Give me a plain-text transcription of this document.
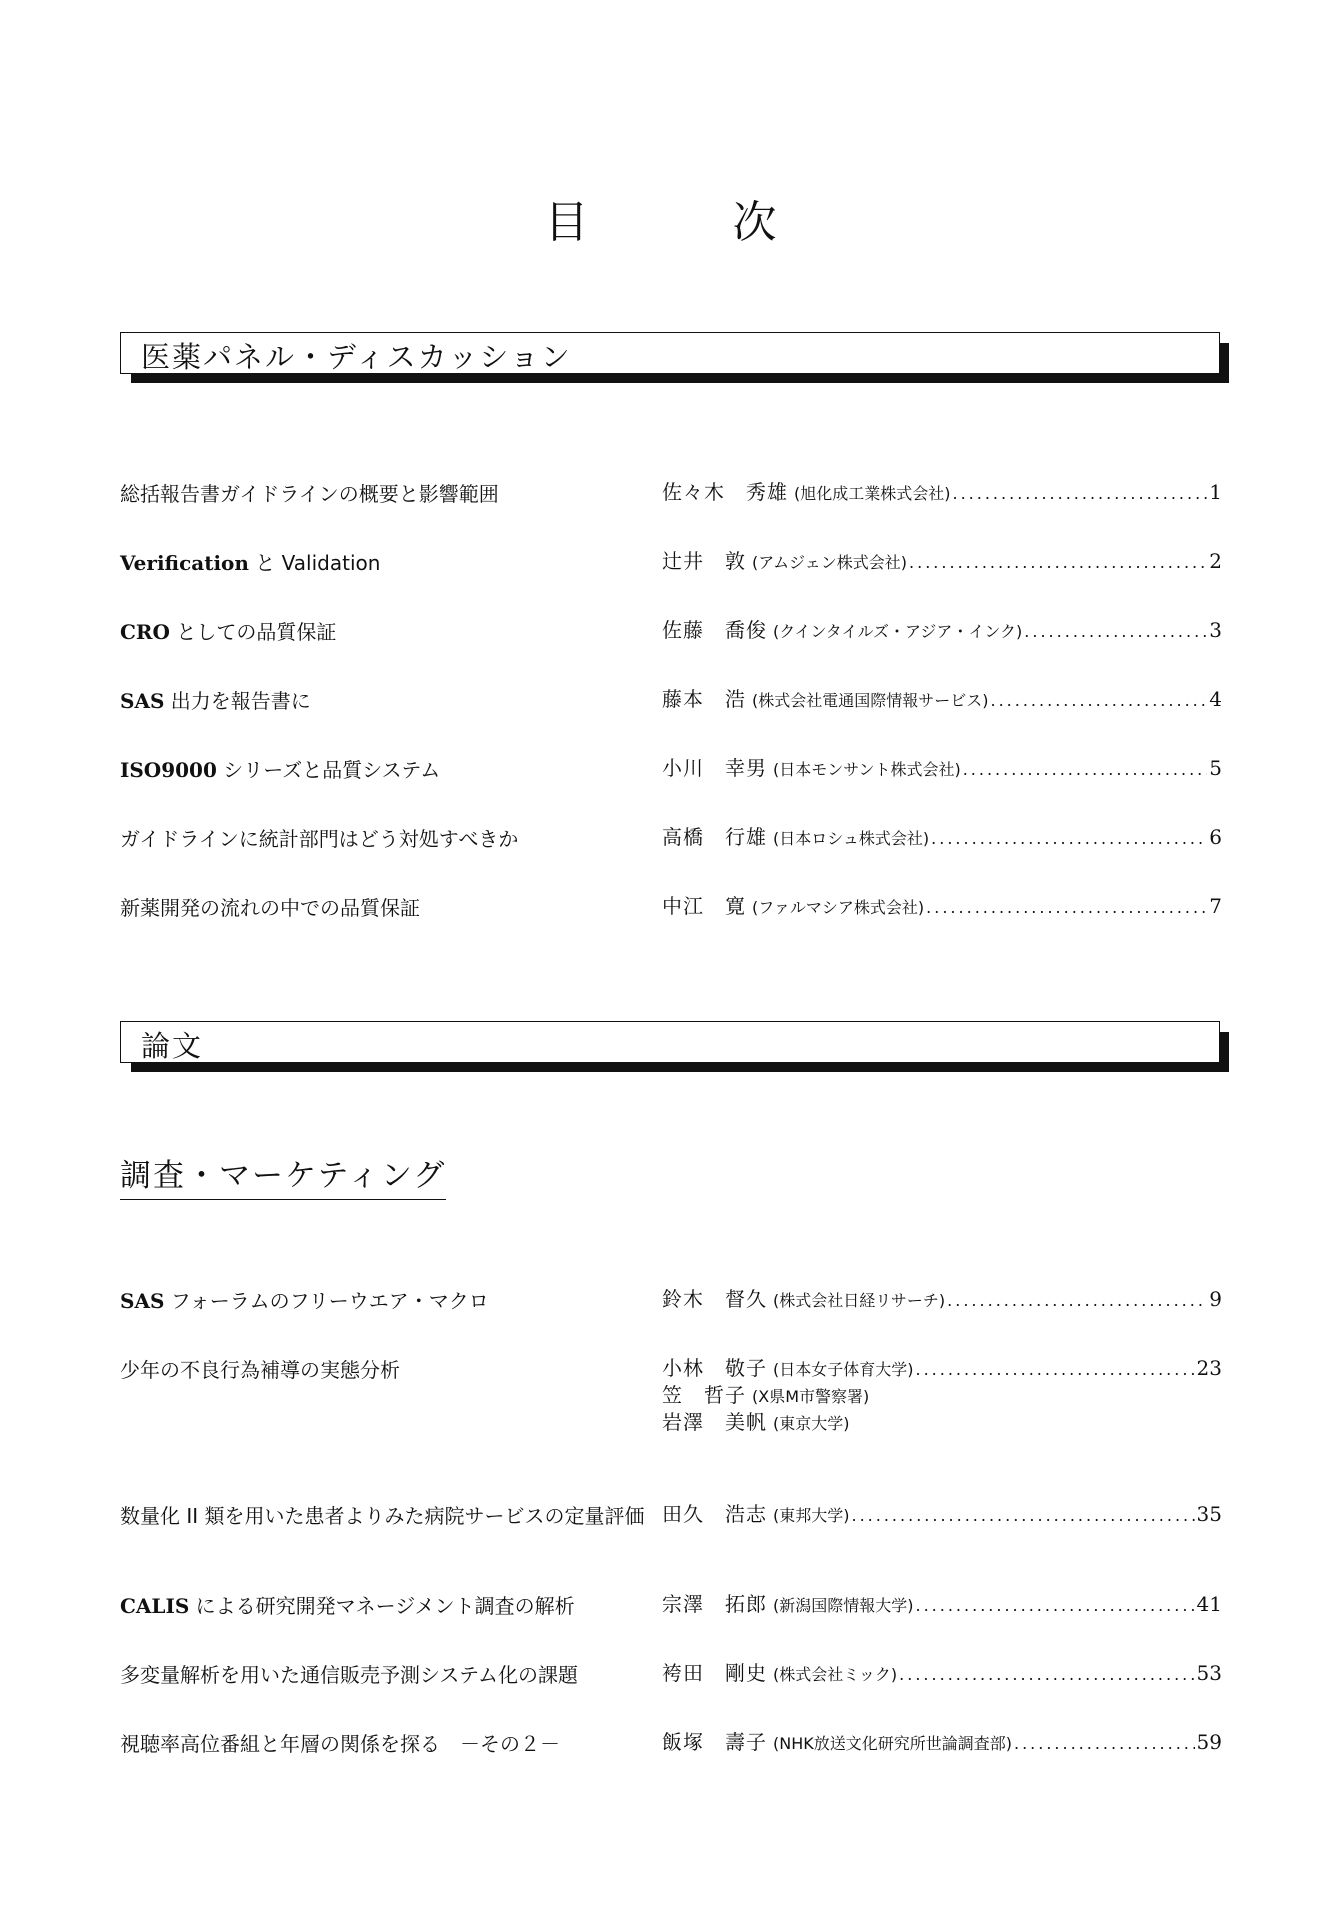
目　次
医薬パネル・ディスカッション
論文
調査・マーケティング
総括報告書ガイドラインの概要と影響範囲	佐々木　秀雄 (旭化成工業株式会社) .....	1
Verification と Validation	辻井　敦 (アムジェン株式会社) .....	2
CRO としての品質保証	佐藤　喬俊 (クインタイルズ・アジア・インク) .....	3
SAS 出力を報告書に	藤本　浩 (株式会社電通国際情報サービス) .....	4
ISO9000 シリーズと品質システム	小川　幸男 (日本モンサント株式会社) .....	5
ガイドラインに統計部門はどう対処すべきか	高橋　行雄 (日本ロシュ株式会社) .....	6
新薬開発の流れの中での品質保証	中江　寛 (ファルマシア株式会社) .....	7
SAS フォーラムのフリーウエア・マクロ	鈴木　督久 (株式会社日経リサーチ) .....	9
少年の不良行為補導の実態分析	小林　敬子 (日本女子体育大学) .....	23
笠　哲子 (X県M市警察署)
岩澤　美帆 (東京大学)
数量化 II 類を用いた患者よりみた病院サービスの定量評価 田久　浩志 (東邦大学) .....	35
CALIS による研究開発マネージメント調査の解析	宗澤　拓郎 (新潟国際情報大学) .....	41
多変量解析を用いた通信販売予測システム化の課題	袴田　剛史 (株式会社ミック) .....	53
視聴率高位番組と年層の関係を探る　－その２－	飯塚　壽子 (NHK放送文化研究所世論調査部) .....	59
